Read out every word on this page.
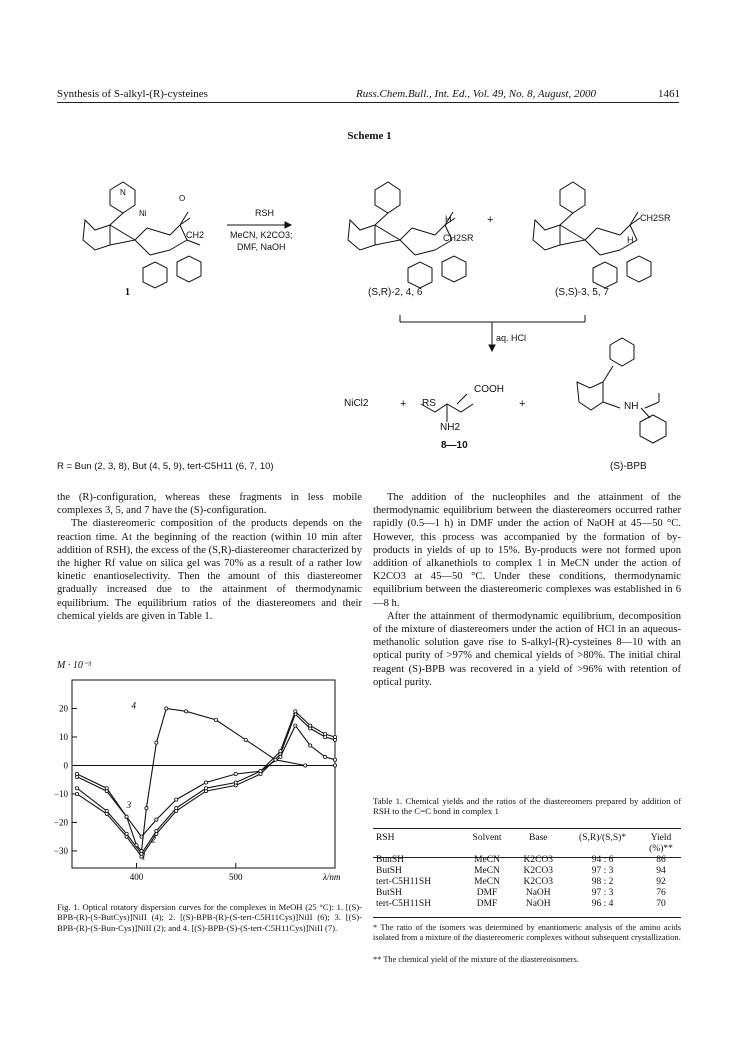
Synthesis of S-alkyl-(R)-cysteines	Russ.Chem.Bull., Int. Ed., Vol. 49, No. 8, August, 2000	1461
Scheme 1
N
Ni
O
CH2
RSH
MeCN, K2CO3;
DMF, NaOH
H
CH2SR
+	CH2SR
H
1	(S,R)-2, 4, 6	(S,S)-3, 5, 7
aq. HCl
NiCl2	+ RS
COOH
NH2
8—10
+	NH
R = Bun (2, 3, 8), But (4, 5, 9), tert-C5H11 (6, 7, 10)	(S)-BPB

the (R)-configuration, whereas these fragments in less mobile complexes 3, 5, and 7 have the (S)-configuration.

The diastereomeric composition of the products depends on the reaction time. At the beginning of the reaction (within 10 min after addition of RSH), the excess of the (S,R)-diastereomer characterized by the higher Rf value on silica gel was 70% as a result of a rather low kinetic enantioselectivity. Then the amount of this diastereomer gradually increased due to the attainment of thermodynamic equilibrium. The equilibrium ratios of the diastereomers and their chemical yields are given in Table 1.

The addition of the nucleophiles and the attainment of the thermodynamic equilibrium between the diastereomers occurred rather rapidly (0.5—1 h) in DMF under the action of NaOH at 45—50 °C. However, this process was accompanied by the formation of by-products in yields of up to 15%. By-products were not formed upon addition of alkanethiols to complex 1 in MeCN under the action of K2CO3 at 45—50 °C. Under these conditions, thermodynamic equilibrium between the diastereomeric complexes was established in 6—8 h.

After the attainment of thermodynamic equilibrium, decomposition of the mixture of diastereomers under the action of HCl in an aqueous-methanolic solution gave rise to S-alkyl-(R)-cysteines 8—10 with an optical purity of >97% and chemical yields of >80%. The initial chiral reagent (S)-BPB was recovered in a yield of >96% with retention of optical purity.

M · 10⁻³
20
10
0
−10
−20
−30
400	500	λ/nm
1
2
3
4
Fig. 1. Optical rotatory dispersion curves for the complexes in MeOH (25 °C): 1. [(S)-BPB-(R)-(S-ButCys)]NiII (4); 2. [(S)-BPB-(R)-(S-tert-C5H11Cys)]NiII (6); 3. [(S)-BPB-(R)-(S-Bun-Cys)]NiII (2); and 4. [(S)-BPB-(S)-(S-tert-C5H11Cys)]NiII (7).
Table 1. Chemical yields and the ratios of the diastereomers prepared by addition of RSH to the C=C bond in complex 1
RSH	Solvent	Base	(S,R)/(S,S)*	Yield (%)**
BunSH	MeCN	K2CO3	94 : 6	86
ButSH	MeCN	K2CO3	97 : 3	94
tert-C5H11SH	MeCN	K2CO3	98 : 2	92
ButSH	DMF	NaOH	97 : 3	76
tert-C5H11SH	DMF	NaOH	96 : 4	70
* The ratio of the isomers was determined by enantiomeric analysis of the amino acids isolated from a mixture of the diastereomeric complexes without subsequent crystallization.
** The chemical yield of the mixture of the diastereoisomers.
